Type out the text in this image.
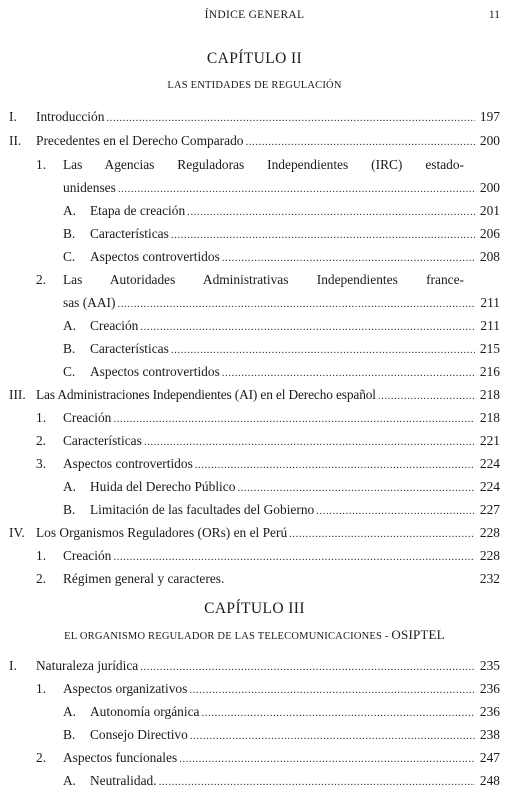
ÍNDICE GENERAL	11
CAPÍTULO II
LAS ENTIDADES DE REGULACIÓN
I.	Introducción .....	197
II.	Precedentes en el Derecho Comparado .....	200
1. Las Agencias Reguladoras Independientes (IRC) estado-
unidenses .....	200
A.	Etapa de creación .....	201
B.	Características .....	206
C.	Aspectos controvertidos .....	208
2. Las Autoridades Administrativas Independientes france-
sas (AAI) .....	211
A.	Creación .....	211
B.	Características .....	215
C.	Aspectos controvertidos .....	216
III. Las Administraciones Independientes (AI) en el Derecho español .....	218
1.	Creación .....	218
2.	Características .....	221
3.	Aspectos controvertidos .....	224
A.	Huida del Derecho Público .....	224
B.	Limitación de las facultades del Gobierno .....	227
IV. Los Organismos Reguladores (ORs) en el Perú .....	228
1.	Creación .....	228
2.	Régimen general y caracteres.	232
CAPÍTULO III
EL ORGANISMO REGULADOR DE LAS TELECOMUNICACIONES - OSIPTEL
I.	Naturaleza jurídica .....	235
1.	Aspectos organizativos .....	236
A.	Autonomía orgánica .....	236
B.	Consejo Directivo .....	238
2.	Aspectos funcionales .....	247
A.	Neutralidad. .....	248
